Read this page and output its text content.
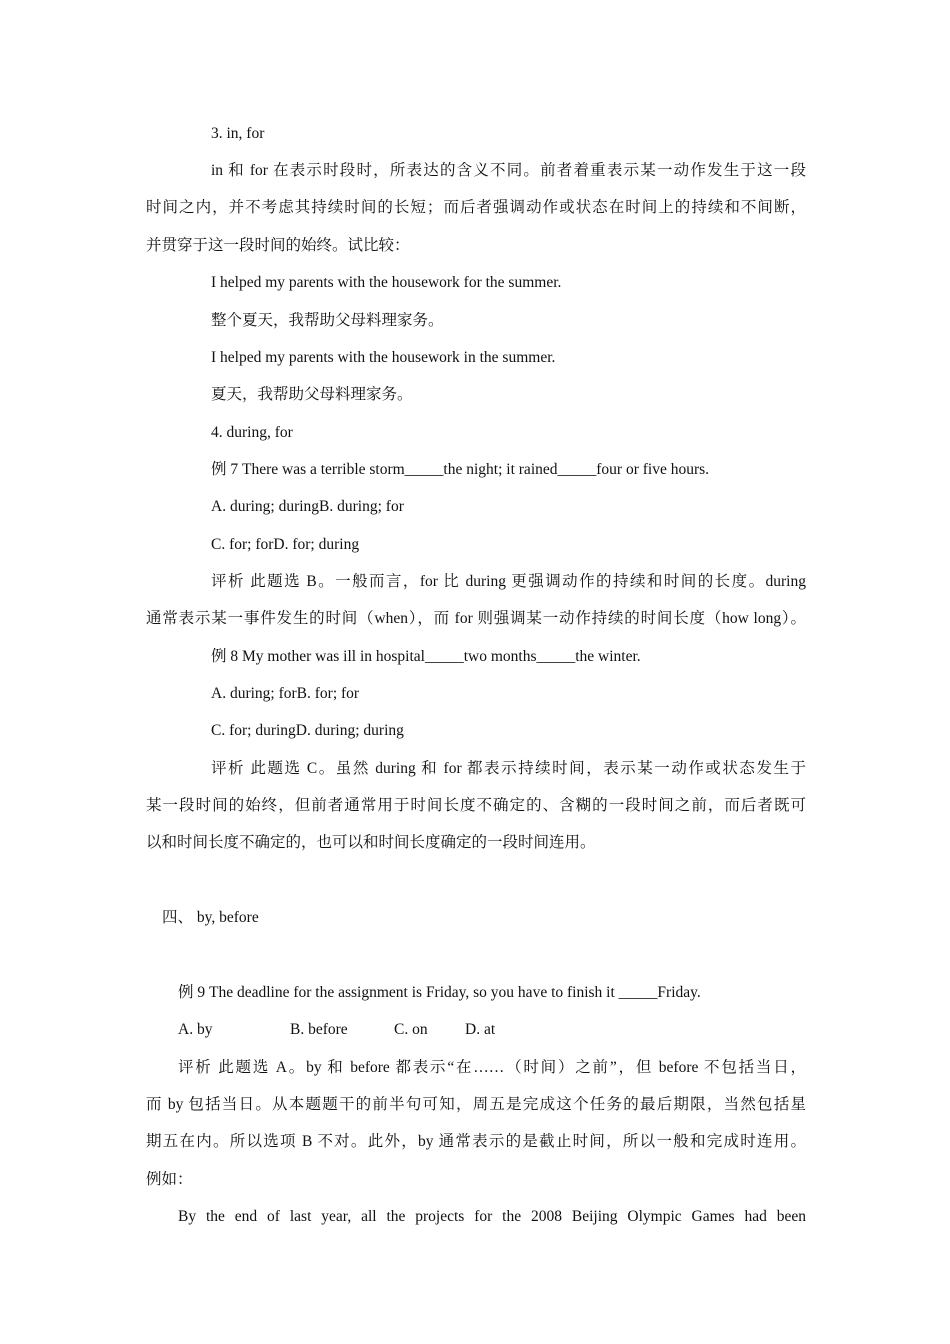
3. in, for
in 和 for 在表示时段时，所表达的含义不同。前者着重表示某一动作发生于这一段
时间之内，并不考虑其持续时间的长短；而后者强调动作或状态在时间上的持续和不间断，
并贯穿于这一段时间的始终。试比较：
I helped my parents with the housework for the summer.
整个夏天，我帮助父母料理家务。
I helped my parents with the housework in the summer.
夏天，我帮助父母料理家务。
4. during, for
例 7 There was a terrible storm_____the night; it rained_____four or five hours.
A. during; duringB. during; for
C. for; forD. for; during
评析 此题选 B。一般而言，for 比 during 更强调动作的持续和时间的长度。during
通常表示某一事件发生的时间（when），而 for 则强调某一动作持续的时间长度（how long）。
例 8 My mother was ill in hospital_____two months_____the winter.
A. during; forB. for; for
C. for; duringD. during; during
评析 此题选 C。虽然 during 和 for 都表示持续时间，表示某一动作或状态发生于
某一段时间的始终，但前者通常用于时间长度不确定的、含糊的一段时间之前，而后者既可
以和时间长度不确定的，也可以和时间长度确定的一段时间连用。
四、 by, before
例 9 The deadline for the assignment is Friday, so you have to finish it _____Friday.
A. by	B. before	C. on D. at
评析 此题选 A。by 和 before 都表示“在……（时间）之前”，但 before 不包括当日，
而 by 包括当日。从本题题干的前半句可知，周五是完成这个任务的最后期限，当然包括星
期五在内。所以选项 B 不对。此外，by 通常表示的是截止时间，所以一般和完成时连用。
例如：
By the end of last year, all the projects for the 2008 Beijing Olympic Games had been
